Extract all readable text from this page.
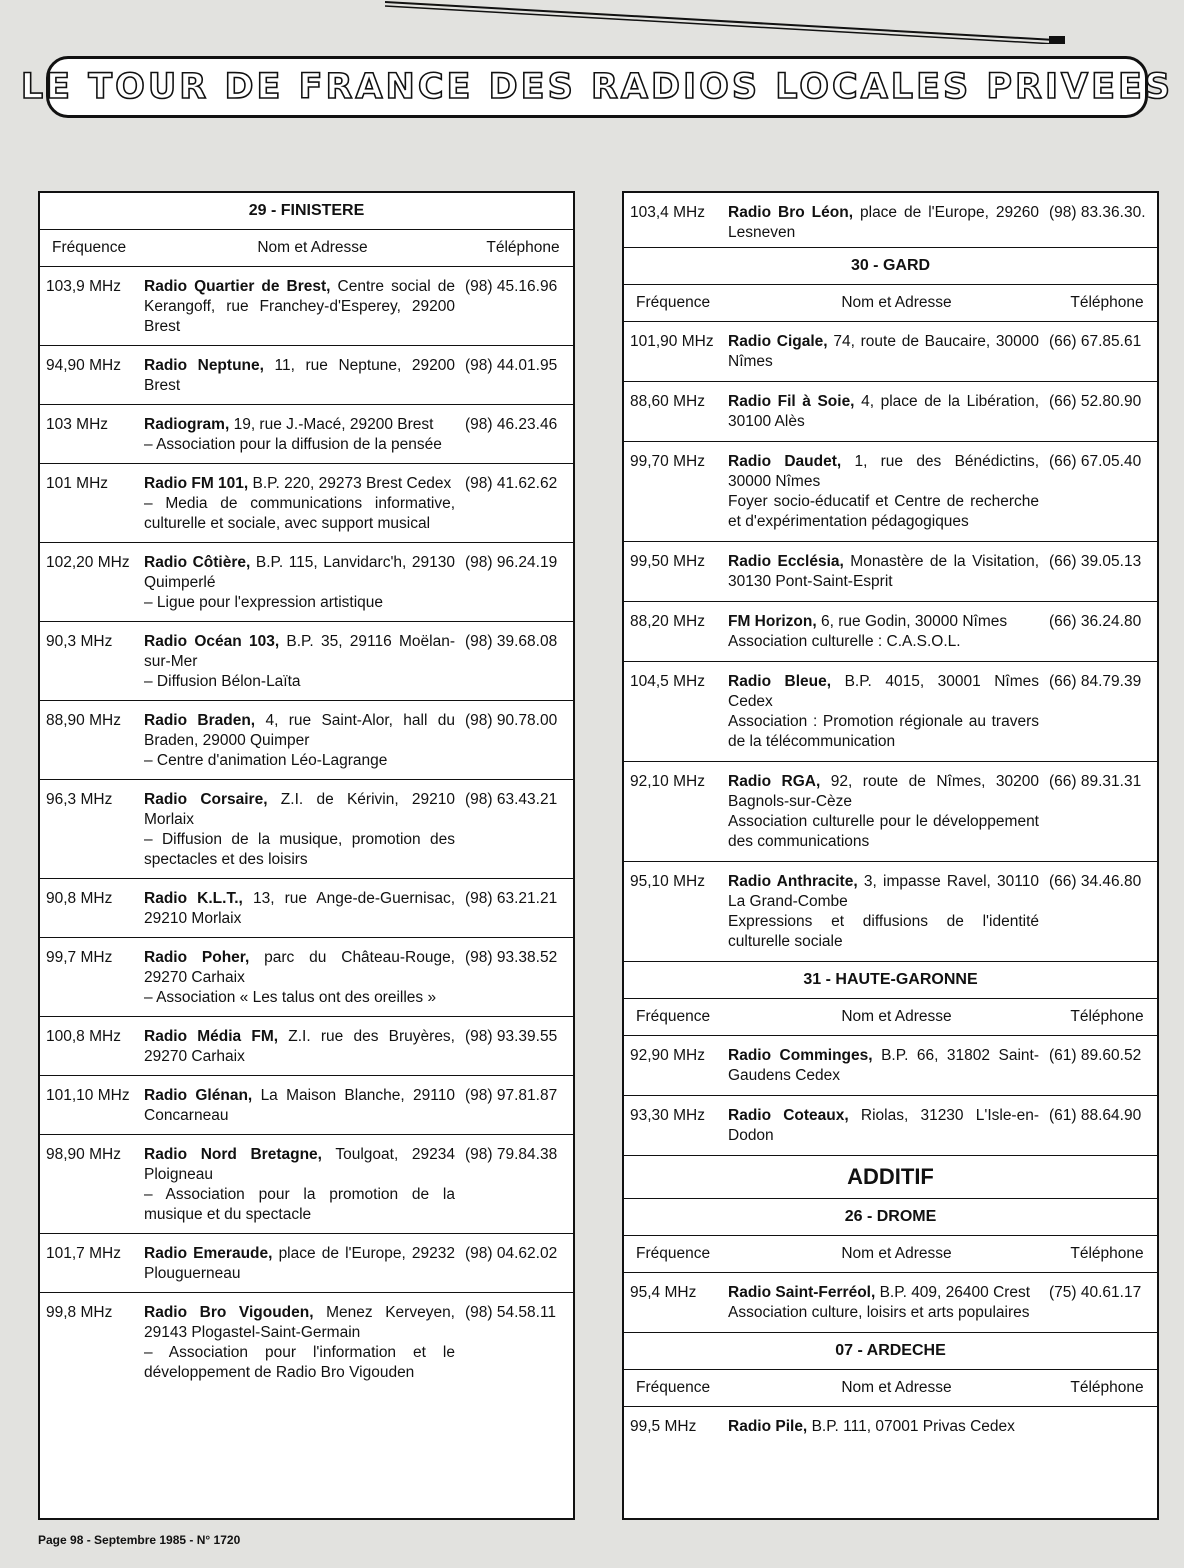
LE TOUR DE FRANCE DES RADIOS LOCALES PRIVEES
29 - FINISTERE
Fréquence	Nom et Adresse	Téléphone
103,9 MHz	Radio Quartier de Brest, Centre social de Kerangoff, rue Franchey-d'Esperey, 29200 Brest
(98) 45.16.96
94,90 MHz	Radio Neptune, 11, rue Neptune, 29200 Brest
(98) 44.01.95
103 MHz	Radiogram, 19, rue J.-Macé, 29200 Brest
– Association pour la diffusion de la pensée
(98) 46.23.46
101 MHz	Radio FM 101, B.P. 220, 29273 Brest Cedex
– Media de communications informative, culturelle et sociale, avec support musical
(98) 41.62.62
102,20 MHz Radio Côtière, B.P. 115, Lanvidarc'h, 29130 Quimperlé
– Ligue pour l'expression artistique
(98) 96.24.19
90,3 MHz	Radio Océan 103, B.P. 35, 29116 Moëlan-sur-Mer
– Diffusion Bélon-Laïta
(98) 39.68.08
88,90 MHz	Radio Braden, 4, rue Saint-Alor, hall du Braden, 29000 Quimper
– Centre d'animation Léo-Lagrange
(98) 90.78.00
96,3 MHz	Radio Corsaire, Z.I. de Kérivin, 29210 Morlaix
– Diffusion de la musique, promotion des spectacles et des loisirs
(98) 63.43.21
90,8 MHz	Radio K.L.T., 13, rue Ange-de-Guernisac, 29210 Morlaix
(98) 63.21.21
99,7 MHz	Radio Poher, parc du Château-Rouge, 29270 Carhaix
– Association « Les talus ont des oreilles »
(98) 93.38.52
100,8 MHz	Radio Média FM, Z.I. rue des Bruyères, 29270 Carhaix
(98) 93.39.55
101,10 MHz Radio Glénan, La Maison Blanche, 29110 Concarneau
(98) 97.81.87
98,90 MHz	Radio Nord Bretagne, Toulgoat, 29234 Ploigneau
– Association pour la promotion de la musique et du spectacle
(98) 79.84.38
101,7 MHz	Radio Emeraude, place de l'Europe, 29232 Plouguerneau
(98) 04.62.02
99,8 MHz	Radio Bro Vigouden, Menez Kerveyen, 29143 Plogastel-Saint-Germain
– Association pour l'information et le développement de Radio Bro Vigouden
(98) 54.58.11
103,4 MHz	Radio Bro Léon, place de l'Europe, 29260 Lesneven
(98) 83.36.30.
30 - GARD
Fréquence	Nom et Adresse	Téléphone
101,90 MHz Radio Cigale, 74, route de Baucaire, 30000 Nîmes
(66) 67.85.61
88,60 MHz	Radio Fil à Soie, 4, place de la Libération, 30100 Alès
(66) 52.80.90
99,70 MHz	Radio Daudet, 1, rue des Bénédictins, 30000 Nîmes
Foyer socio-éducatif et Centre de recherche et d'expérimentation pédagogiques
(66) 67.05.40
99,50 MHz	Radio Ecclésia, Monastère de la Visitation, 30130 Pont-Saint-Esprit
(66) 39.05.13
88,20 MHz	FM Horizon, 6, rue Godin, 30000 Nîmes
Association culturelle : C.A.S.O.L.
(66) 36.24.80
104,5 MHz	Radio Bleue, B.P. 4015, 30001 Nîmes Cedex
Association : Promotion régionale au travers de la télécommunication
(66) 84.79.39
92,10 MHz	Radio RGA, 92, route de Nîmes, 30200 Bagnols-sur-Cèze
Association culturelle pour le développement des communications
(66) 89.31.31
95,10 MHz	Radio Anthracite, 3, impasse Ravel, 30110 La Grand-Combe
Expressions et diffusions de l'identité culturelle sociale
(66) 34.46.80
31 - HAUTE-GARONNE
Fréquence	Nom et Adresse	Téléphone
92,90 MHz	Radio Comminges, B.P. 66, 31802 Saint-Gaudens Cedex
(61) 89.60.52
93,30 MHz	Radio Coteaux, Riolas, 31230 L'Isle-en-Dodon
(61) 88.64.90
ADDITIF
26 - DROME
Fréquence	Nom et Adresse	Téléphone
95,4 MHz	Radio Saint-Ferréol, B.P. 409, 26400 Crest
Association culture, loisirs et arts populaires
(75) 40.61.17
07 - ARDECHE
Fréquence	Nom et Adresse	Téléphone
99,5 MHz	Radio Pile, B.P. 111, 07001 Privas Cedex
Page 98 - Septembre 1985 - N° 1720
